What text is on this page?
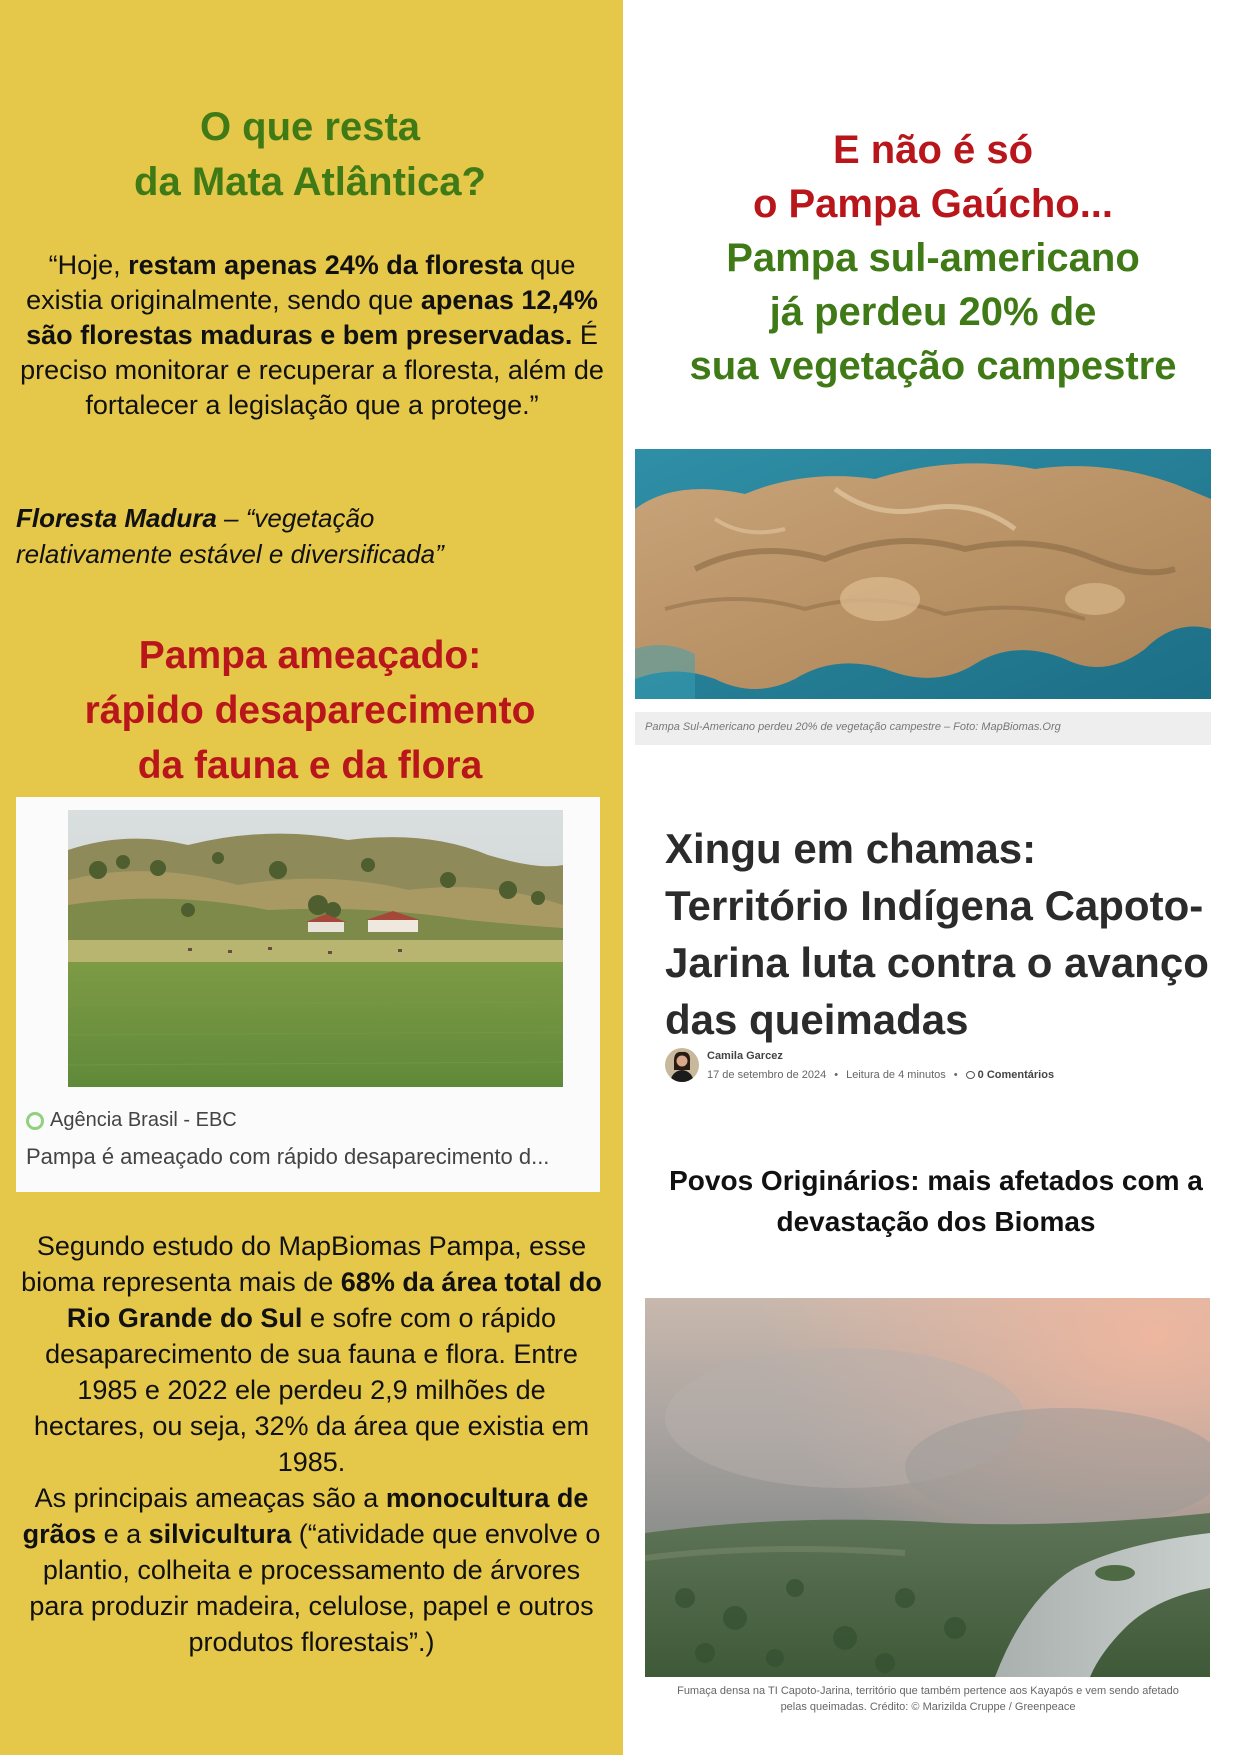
O que resta
da Mata Atlântica?

“Hoje, restam apenas 24% da floresta que existia originalmente, sendo que apenas 12,4% são florestas maduras e bem preservadas. É preciso monitorar e recuperar a floresta, além de fortalecer a legislação que a protege.”

Floresta Madura – “vegetação relativamente estável e diversificada”

Pampa ameaçado:
rápido desaparecimento
da fauna e da flora
Agência Brasil - EBC
Pampa é ameaçado com rápido desaparecimento d...

Segundo estudo do MapBiomas Pampa, esse bioma representa mais de 68% da área total do Rio Grande do Sul e sofre com o rápido desaparecimento de sua fauna e flora. Entre 1985 e 2022 ele perdeu 2,9 milhões de hectares, ou seja, 32% da área que existia em 1985.
As principais ameaças são a monocultura de grãos e a silvicultura (“atividade que envolve o plantio, colheita e processamento de árvores para produzir madeira, celulose, papel e outros produtos florestais”.)

E não é só
o Pampa Gaúcho...
Pampa sul-americano
já perdeu 20% de
sua vegetação campestre
Pampa Sul-Americano perdeu 20% de vegetação campestre – Foto: MapBiomas.Org
Xingu em chamas: Território Indígena Capoto-Jarina luta contra o avanço das queimadas
Camila Garcez
17 de setembro de 2024 • Leitura de 4 minutos • 0 Comentários
Povos Originários: mais afetados com a devastação dos Biomas

Fumaça densa na TI Capoto-Jarina, território que também pertence aos Kayapós e vem sendo afetado pelas queimadas. Crédito: © Marizilda Cruppe / Greenpeace
